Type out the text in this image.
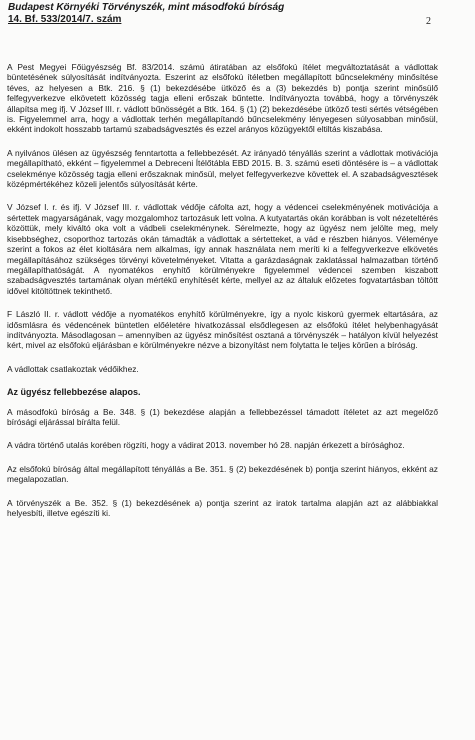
Budapest Környéki Törvényszék, mint másodfokú bíróság
14. Bf. 533/2014/7. szám	2

A Pest Megyei Főügyészség Bf. 83/2014. számú átiratában az elsőfokú ítélet megváltoztatását a vádlottak büntetésének súlyosítását indítványozta. Eszerint az elsőfokú ítéletben megállapított bűncselekmény minősítése téves, az helyesen a Btk. 216. § (1) bekezdésébe ütköző és a (3) bekezdés b) pontja szerint minősülő felfegyverkezve elkövetett közösség tagja elleni erőszak bűntette. Indítványozta továbbá, hogy a törvényszék állapítsa meg ifj. V József III. r. vádlott bűnösségét a Btk. 164. § (1) (2) bekezdésébe ütköző testi sértés vétségében is. Figyelemmel arra, hogy a vádlottak terhén megállapítandó bűncselekmény lényegesen súlyosabban minősül, ekként indokolt hosszabb tartamú szabadságvesztés és ezzel arányos közügyektől eltiltás kiszabása.

A nyilvános ülésen az ügyészség fenntartotta a fellebbezését. Az irányadó tényállás szerint a vádlottak motivációja megállapítható, ekként – figyelemmel a Debreceni Ítélőtábla EBD 2015. B. 3. számú eseti döntésére is – a vádlottak cselekménye közösség tagja elleni erőszaknak minősül, melyet felfegyverkezve követtek el. A szabadságvesztések középmértékéhez közeli jelentős súlyosítását kérte.

V József I. r. és ifj. V József III. r. vádlottak védője cáfolta azt, hogy a védencei cselekményének motivációja a sértettek magyarságának, vagy mozgalomhoz tartozásuk lett volna. A kutyatartás okán korábban is volt nézeteltérés közöttük, mely kiváltó oka volt a vádbeli cselekménynek. Sérelmezte, hogy az ügyész nem jelölte meg, mely kisebbséghez, csoporthoz tartozás okán támadták a vádlottak a sértetteket, a vád e részben hiányos. Véleménye szerint a fokos az élet kioltására nem alkalmas, így annak használata nem meríti ki a felfegyverkezve elkövetés megállapításához szükséges törvényi követelményeket. Vitatta a garázdaságnak zaklatással halmazatban történő megállapíthatóságát. A nyomatékos enyhítő körülményekre figyelemmel védencei szemben kiszabott szabadságvesztés tartamának olyan mértékű enyhítését kérte, mellyel az az általuk előzetes fogvatartásban töltött idővel kitöltöttnek tekinthető.

F László II. r. vádlott védője a nyomatékos enyhítő körülményekre, így a nyolc kiskorú gyermek eltartására, az idősmlásra és védencének büntetlen előéletére hivatkozással elsődlegesen az elsőfokú ítélet helybenhagyását indítványozta. Másodlagosan – amennyiben az ügyész minősítést osztaná a törvényszék – hatályon kívül helyezést kért, mivel az elsőfokú eljárásban e körülményekre nézve a bizonyítást nem folytatta le teljes körűen a bíróság.

A vádlottak csatlakoztak védőikhez.

Az ügyész fellebbezése alapos.

A másodfokú bíróság a Be. 348. § (1) bekezdése alapján a fellebbezéssel támadott ítéletet az azt megelőző bírósági eljárással bírálta felül.

A vádra történő utalás korében rögzíti, hogy a vádirat 2013. november hó 28. napján érkezett a bírósághoz.

Az elsőfokú bíróság által megállapított tényállás a Be. 351. § (2) bekezdésének b) pontja szerint hiányos, ekként az megalapozatlan.

A törvényszék a Be. 352. § (1) bekezdésének a) pontja szerint az iratok tartalma alapján azt az alábbiakkal helyesbíti, illetve egészíti ki.
